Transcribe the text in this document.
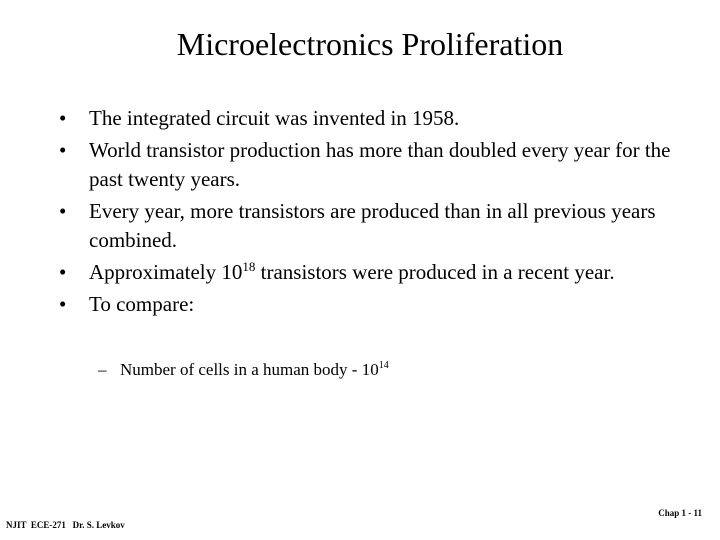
Microelectronics Proliferation
• The integrated circuit was invented in 1958.
• World transistor production has more than doubled every year for the past twenty years.
• Every year, more transistors are produced than in all previous years combined.
• Approximately $10^{18}$ transistors were produced in a recent year.
• To compare:
– Number of cells in a human body - $10^{14}$
NJIT  ECE-271   Dr. S. Levkov
Chap 1 - 11
